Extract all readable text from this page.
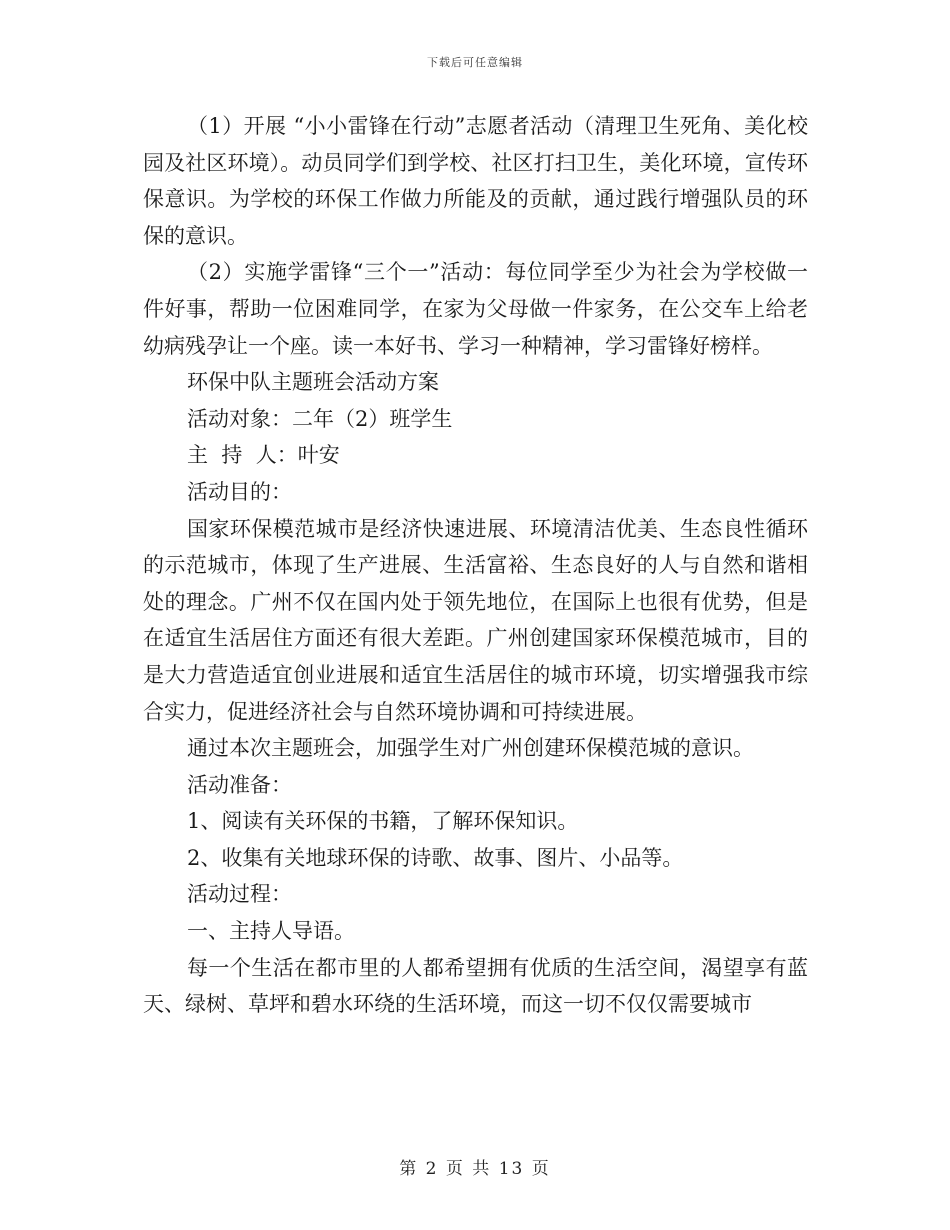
下载后可任意编辑

（1）开展 “小小雷锋在行动”志愿者活动（清理卫生死角、美化校园及社区环境）。动员同学们到学校、社区打扫卫生，美化环境，宣传环保意识。为学校的环保工作做力所能及的贡献，通过践行增强队员的环保的意识。

（2）实施学雷锋“三个一”活动：每位同学至少为社会为学校做一件好事，帮助一位困难同学，在家为父母做一件家务，在公交车上给老幼病残孕让一个座。读一本好书、学习一种精神，学习雷锋好榜样。

环保中队主题班会活动方案

活动对象：二年（2）班学生

主  持  人：叶安

活动目的：

国家环保模范城市是经济快速进展、环境清洁优美、生态良性循环的示范城市，体现了生产进展、生活富裕、生态良好的人与自然和谐相处的理念。广州不仅在国内处于领先地位，在国际上也很有优势，但是在适宜生活居住方面还有很大差距。广州创建国家环保模范城市，目的是大力营造适宜创业进展和适宜生活居住的城市环境，切实增强我市综合实力，促进经济社会与自然环境协调和可持续进展。

通过本次主题班会，加强学生对广州创建环保模范城的意识。

活动准备：

1、阅读有关环保的书籍，了解环保知识。

2、收集有关地球环保的诗歌、故事、图片、小品等。

活动过程：

一、主持人导语。

每一个生活在都市里的人都希望拥有优质的生活空间，渴望享有蓝天、绿树、草坪和碧水环绕的生活环境，而这一切不仅仅需要城市

第 2 页 共 13 页
